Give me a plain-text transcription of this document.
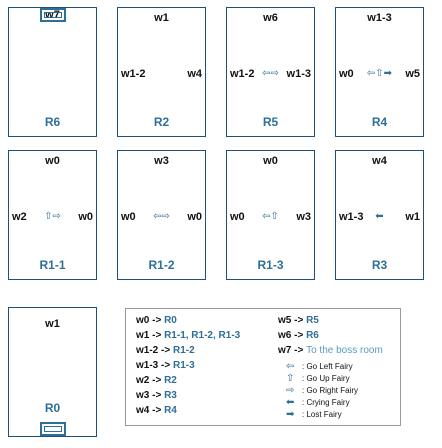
w7
R6
w1
w1-2	w4
R2
w6
w1-2	w1-3
⇦⇨
R5
w1-3
w0	w5
⇦⇧➡
R4
w0
w2	w0
⇧⇨
R1-1
w3
w0	w0
⇦⇨
R1-2
w0
w0	w3
⇦⇧
R1-3
w4
w1-3	w1
⬅
R3
w1
R0
w0 -> R0
w1 -> R1-1, R1-2, R1-3
w1-2 -> R1-2
w1-3 -> R1-3
w2 -> R2
w3 -> R3
w4 -> R4
w5 -> R5
w6 -> R6
w7 -> To the boss room
⇦ : Go Left Fairy
⇧ : Go Up Fairy
⇨ : Go Right Fairy
⬅ : Crying Fairy
➡ : Lost Fairy
